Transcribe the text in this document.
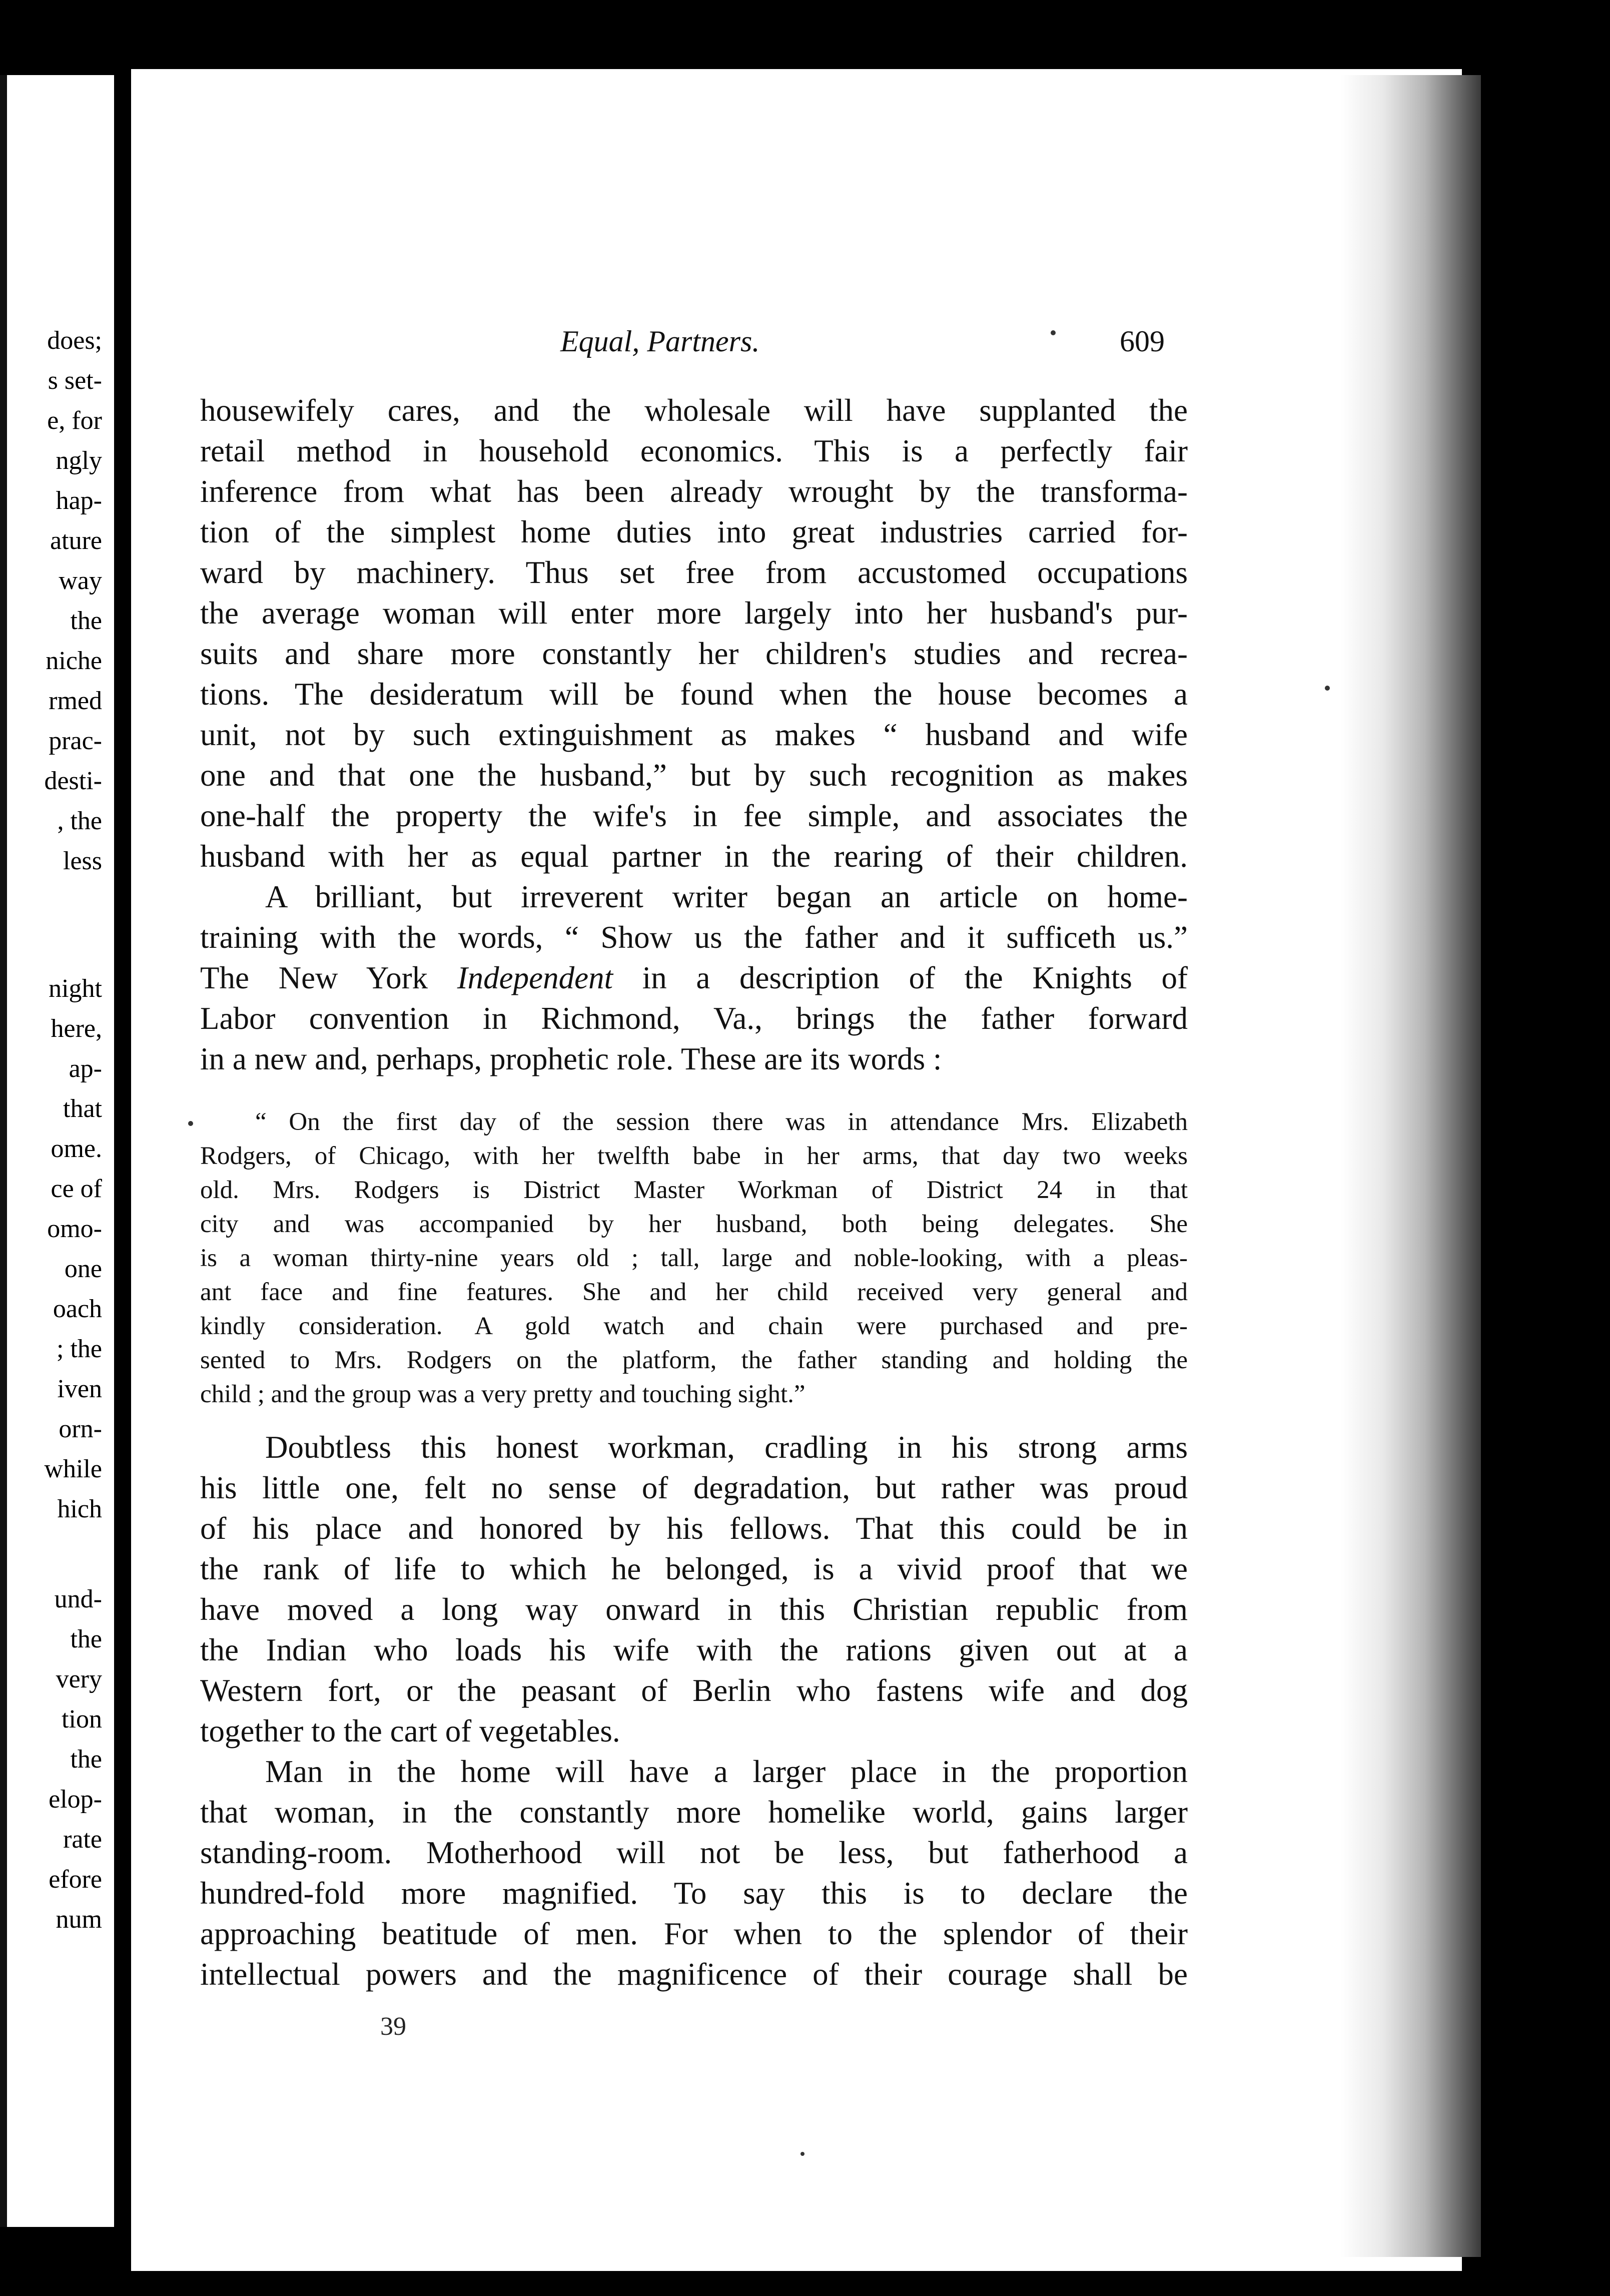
does;
s set-
e, for
ngly
hap-
ature
way
the
niche
rmed
prac-
desti-
, the
less
night
here,
ap-
that
ome.
ce of
omo-
one
oach
; the
iven
orn-
while
hich
und-
the
very
tion
the
elop-
rate
efore
num
Equal, Partners.	609
housewifely cares, and the wholesale will have supplanted the
retail method in household economics. This is a perfectly fair
inference from what has been already wrought by the transforma-
tion of the simplest home duties into great industries carried for-
ward by machinery. Thus set free from accustomed occupations
the average woman will enter more largely into her husband's pur-
suits and share more constantly her children's studies and recrea-
tions. The desideratum will be found when the house becomes a
unit, not by such extinguishment as makes “ husband and wife
one and that one the husband,” but by such recognition as makes
one-half the property the wife's in fee simple, and associates the
husband with her as equal partner in the rearing of their children.
A brilliant, but irreverent writer began an article on home-
training with the words, “ Show us the father and it sufficeth us.”
The New York Independent in a description of the Knights of
Labor convention in Richmond, Va., brings the father forward
in a new and, perhaps, prophetic role. These are its words :
“ On the first day of the session there was in attendance Mrs. Elizabeth
Rodgers, of Chicago, with her twelfth babe in her arms, that day two weeks
old. Mrs. Rodgers is District Master Workman of District 24 in that
city and was accompanied by her husband, both being delegates. She
is a woman thirty-nine years old ; tall, large and noble-looking, with a pleas-
ant face and fine features. She and her child received very general and
kindly consideration. A gold watch and chain were purchased and pre-
sented to Mrs. Rodgers on the platform, the father standing and holding the
child ; and the group was a very pretty and touching sight.”
Doubtless this honest workman, cradling in his strong arms
his little one, felt no sense of degradation, but rather was proud
of his place and honored by his fellows. That this could be in
the rank of life to which he belonged, is a vivid proof that we
have moved a long way onward in this Christian republic from
the Indian who loads his wife with the rations given out at a
Western fort, or the peasant of Berlin who fastens wife and dog
together to the cart of vegetables.
Man in the home will have a larger place in the proportion
that woman, in the constantly more homelike world, gains larger
standing-room. Motherhood will not be less, but fatherhood a
hundred-fold more magnified. To say this is to declare the
approaching beatitude of men. For when to the splendor of their
intellectual powers and the magnificence of their courage shall be
39
